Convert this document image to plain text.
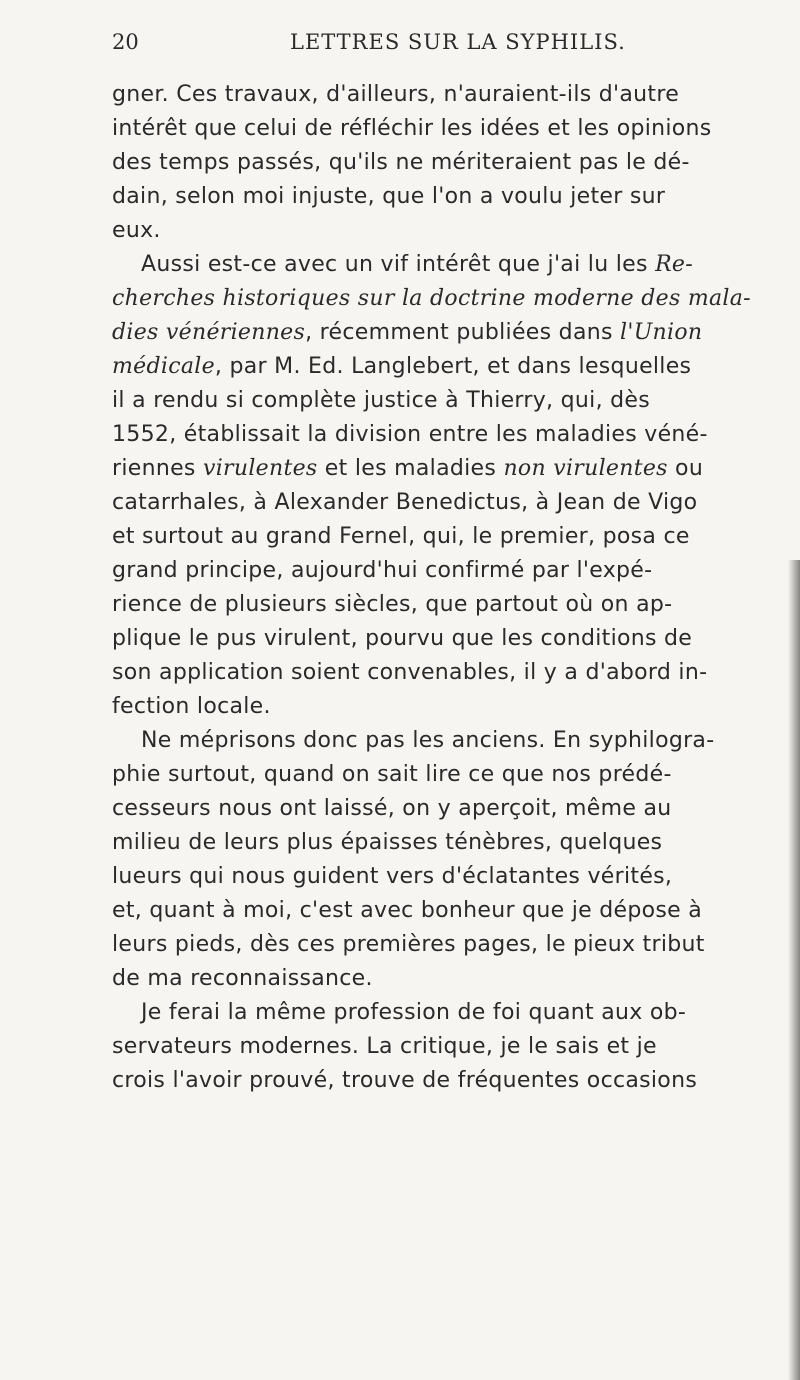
20	LETTRES SUR LA SYPHILIS.
gner. Ces travaux, d'ailleurs, n'auraient-ils d'autre
intérêt que celui de réfléchir les idées et les opinions
des temps passés, qu'ils ne mériteraient pas le dé-
dain, selon moi injuste, que l'on a voulu jeter sur
eux.
Aussi est-ce avec un vif intérêt que j'ai lu les Re-
cherches historiques sur la doctrine moderne des mala-
dies vénériennes, récemment publiées dans l'Union
médicale, par M. Ed. Langlebert, et dans lesquelles
il a rendu si complète justice à Thierry, qui, dès
1552, établissait la division entre les maladies véné-
riennes virulentes et les maladies non virulentes ou
catarrhales, à Alexander Benedictus, à Jean de Vigo
et surtout au grand Fernel, qui, le premier, posa ce
grand principe, aujourd'hui confirmé par l'expé-
rience de plusieurs siècles, que partout où on ap-
plique le pus virulent, pourvu que les conditions de
son application soient convenables, il y a d'abord in-
fection locale.
Ne méprisons donc pas les anciens. En syphilogra-
phie surtout, quand on sait lire ce que nos prédé-
cesseurs nous ont laissé, on y aperçoit, même au
milieu de leurs plus épaisses ténèbres, quelques
lueurs qui nous guident vers d'éclatantes vérités,
et, quant à moi, c'est avec bonheur que je dépose à
leurs pieds, dès ces premières pages, le pieux tribut
de ma reconnaissance.
Je ferai la même profession de foi quant aux ob-
servateurs modernes. La critique, je le sais et je
crois l'avoir prouvé, trouve de fréquentes occasions
